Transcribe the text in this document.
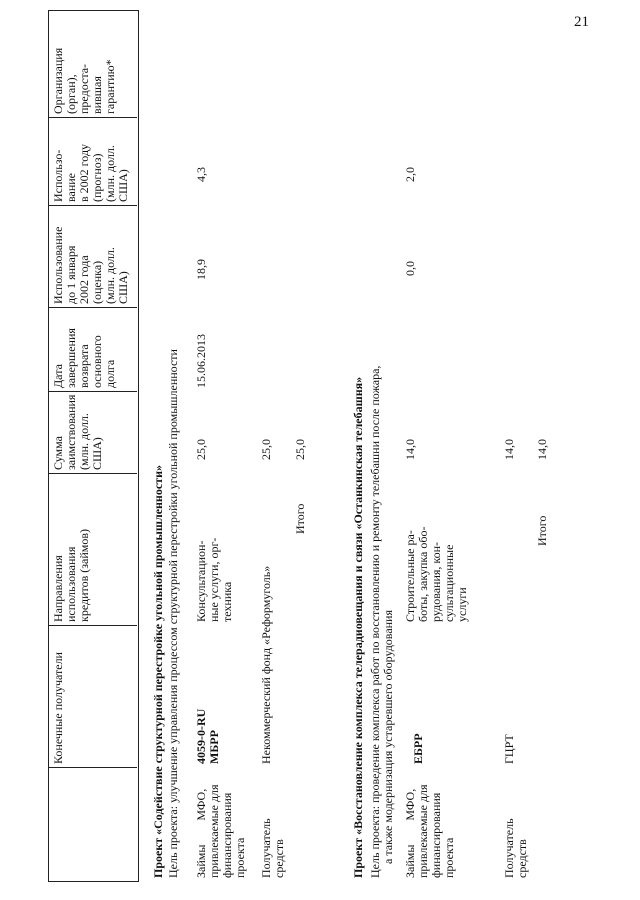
21
Конечные получатели
Направления использования кредитов (займов)
Сумма заимствования (млн. долл. США)
Дата завершения возврата основного долга
Использование до 1 января 2002 года (оценка) (млн. долл. США)
Использо- вание в 2002 году (прогноз) (млн. долл. США)
Организация (орган), предоста- вившая гарантию*
Проект «Содействие структурной перестройке угольной промышленности» Цель проекта: улучшение управления процессом структурной перестройки угольной промышленности Займы        МФО, привлекаемые для финансирования проекта
4059-0-RU МБРР
Консультацион- ные услуги, орг- техника
25,0
15.06.2013
18,9
4,3
Получатель средств
Некоммерческий фонд «Реформуголь»
25,0
Итого
25,0	Проект «Восстановление комплекса телерадиовещания и связи «Останкинская телебашня» Цель проекта: проведение комплекса работ по восстановлению и ремонту телебашни после пожара, а также модернизация устаревшего оборудования Займы        МФО, привлекаемые для финансирования проекта
ЕБРР
Строительные ра- боты, закупка обо- рудования, кон- сультационные услуги
14,0
0,0
2,0
Получатель средств
ГЦРТ
14,0
Итого
14,0
